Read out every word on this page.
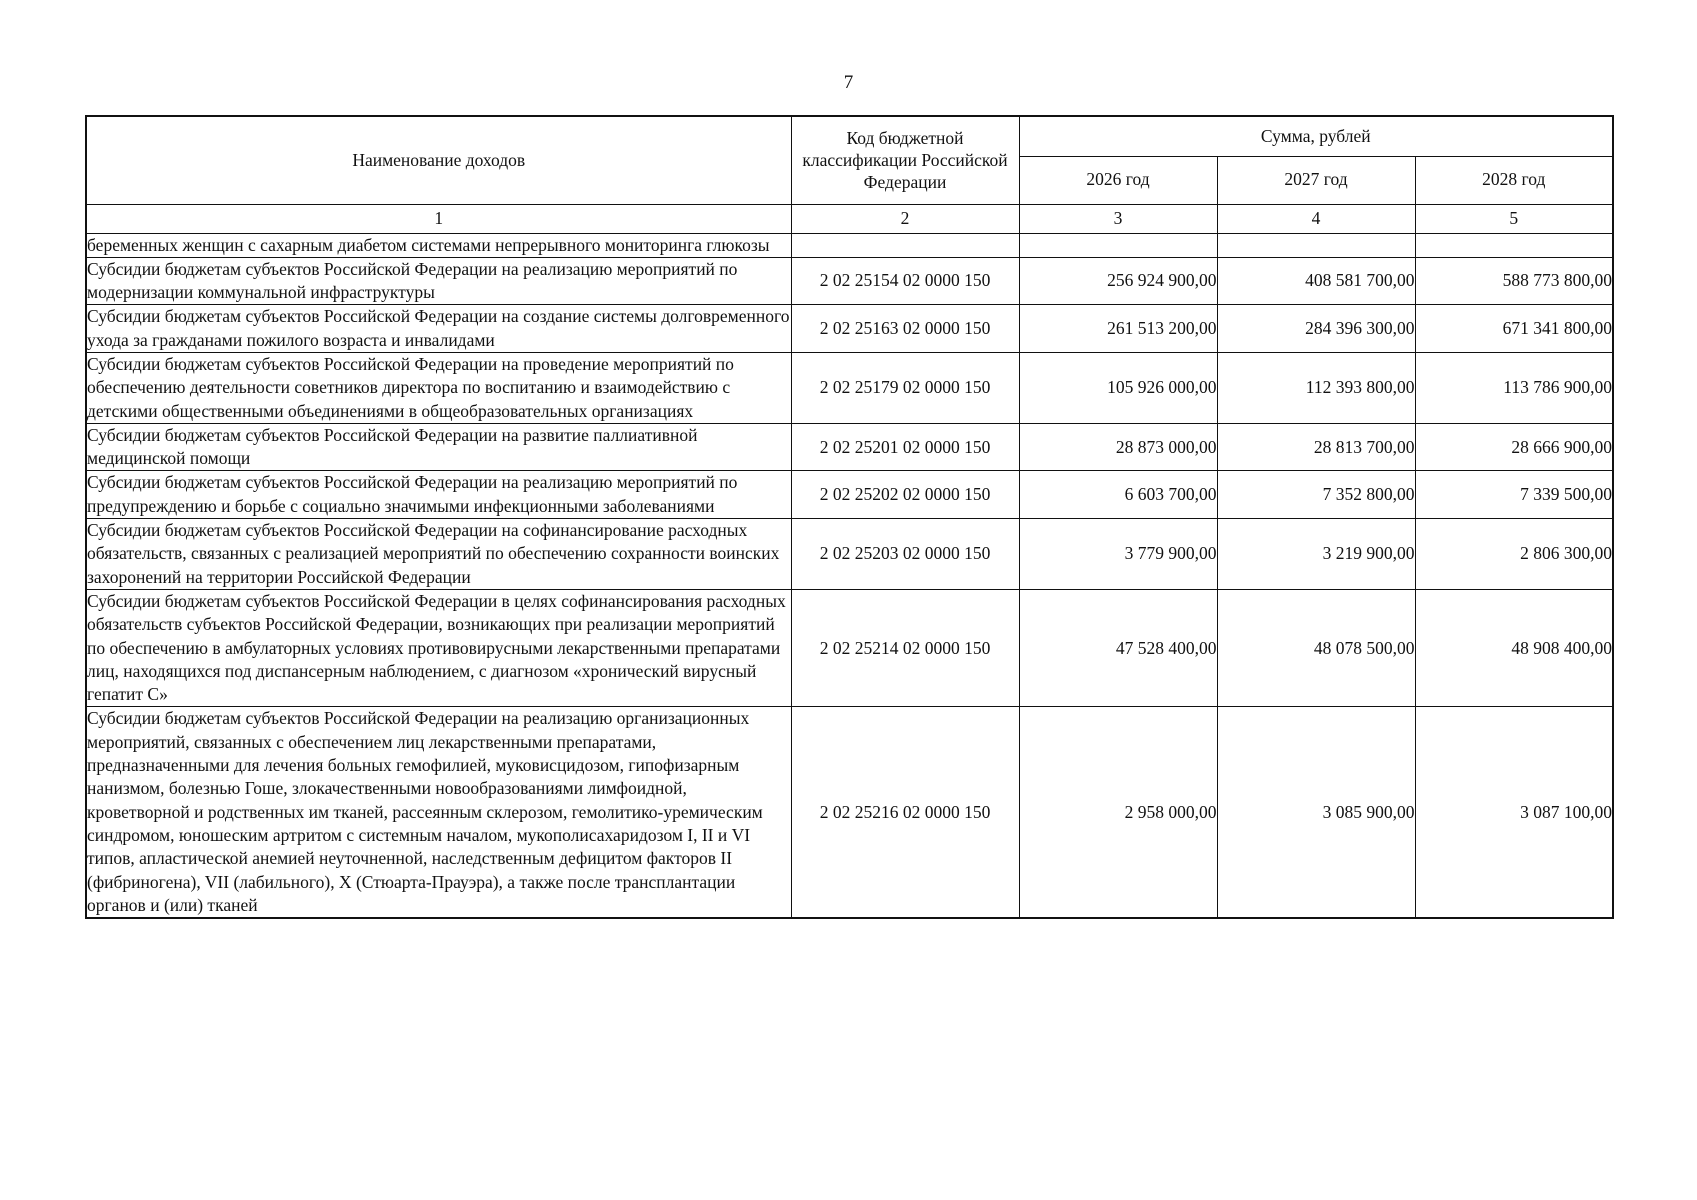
7
Наименование доходов	Код бюджетной классификации Российской Федерации	Сумма, рублей		
		2026 год	2027 год	2028 год
1	2	3	4	5
беременных женщин с сахарным диабетом системами непрерывного мониторинга глюкозы				
Субсидии бюджетам субъектов Российской Федерации на реализацию мероприятий по модернизации коммунальной инфраструктуры	2 02 25154 02 0000 150	256 924 900,00	408 581 700,00	588 773 800,00
Субсидии бюджетам субъектов Российской Федерации на создание системы долговременного ухода за гражданами пожилого возраста и инвалидами	2 02 25163 02 0000 150	261 513 200,00	284 396 300,00	671 341 800,00
Субсидии бюджетам субъектов Российской Федерации на проведение мероприятий по обеспечению деятельности советников директора по воспитанию и взаимодействию с детскими общественными объединениями в общеобразовательных организациях	2 02 25179 02 0000 150	105 926 000,00	112 393 800,00	113 786 900,00
Субсидии бюджетам субъектов Российской Федерации на развитие паллиативной медицинской помощи	2 02 25201 02 0000 150	28 873 000,00	28 813 700,00	28 666 900,00
Субсидии бюджетам субъектов Российской Федерации на реализацию мероприятий по предупреждению и борьбе с социально значимыми инфекционными заболеваниями	2 02 25202 02 0000 150	6 603 700,00	7 352 800,00	7 339 500,00
Субсидии бюджетам субъектов Российской Федерации на софинансирование расходных обязательств, связанных с реализацией мероприятий по обеспечению сохранности воинских захоронений на территории Российской Федерации	2 02 25203 02 0000 150	3 779 900,00	3 219 900,00	2 806 300,00
Субсидии бюджетам субъектов Российской Федерации в целях софинансирования расходных обязательств субъектов Российской Федерации, возникающих при реализации мероприятий по обеспечению в амбулаторных условиях противовирусными лекарственными препаратами лиц, находящихся под диспансерным наблюдением, с диагнозом «хронический вирусный гепатит С»	2 02 25214 02 0000 150	47 528 400,00	48 078 500,00	48 908 400,00
Субсидии бюджетам субъектов Российской Федерации на реализацию организационных мероприятий, связанных с обеспечением лиц лекарственными препаратами, предназначенными для лечения больных гемофилией, муковисцидозом, гипофизарным нанизмом, болезнью Гоше, злокачественными новообразованиями лимфоидной, кроветворной и родственных им тканей, рассеянным склерозом, гемолитико-уремическим синдромом, юношеским артритом с системным началом, мукополисахаридозом I, II и VI типов, апластической анемией неуточненной, наследственным дефицитом факторов II (фибриногена), VII (лабильного), X (Стюарта-Прауэра), а также после трансплантации органов и (или) тканей	2 02 25216 02 0000 150	2 958 000,00	3 085 900,00	3 087 100,00
